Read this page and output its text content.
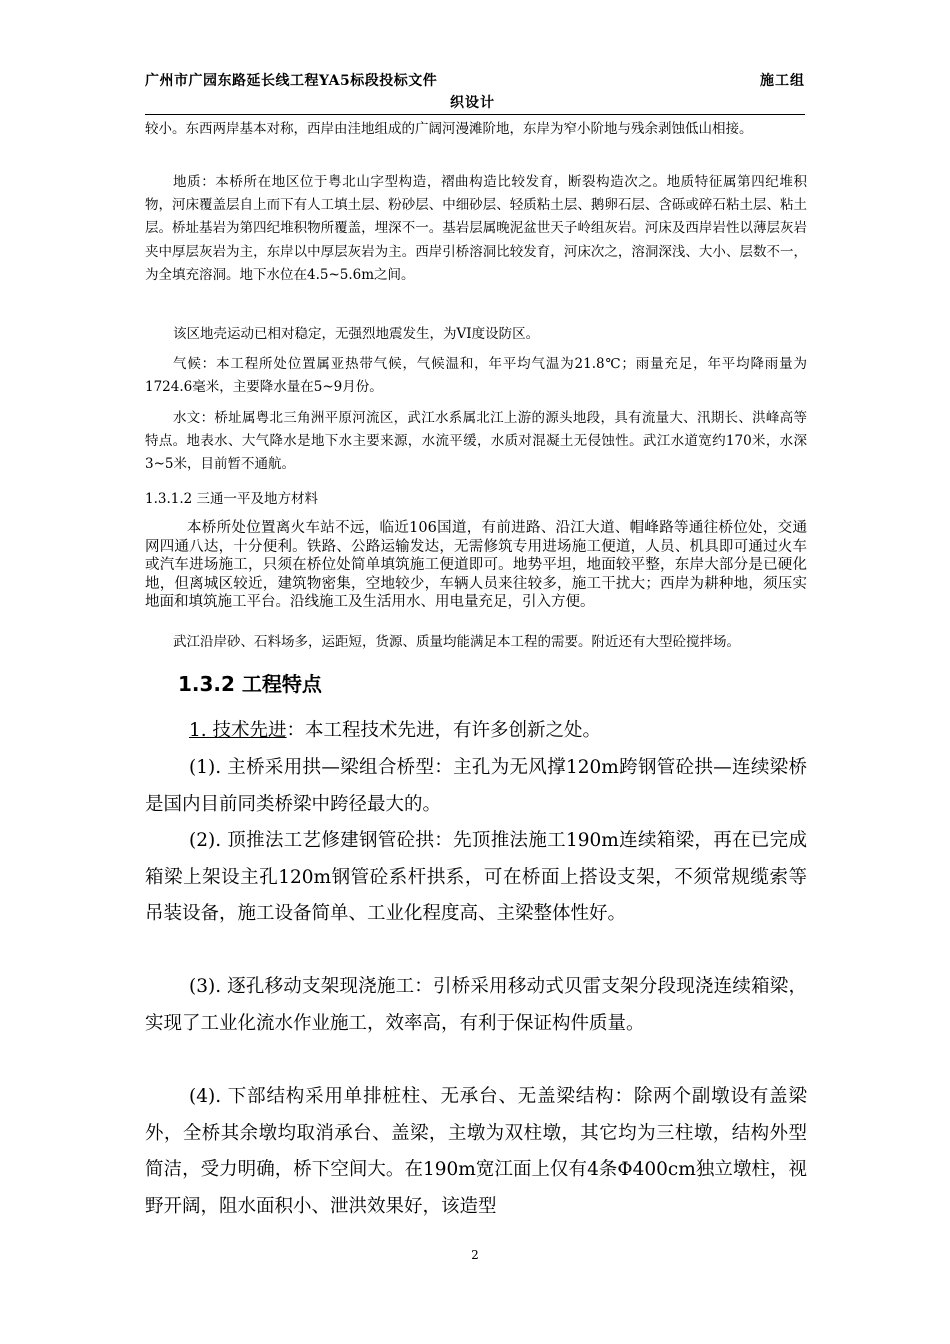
广州市广园东路延长线工程YA5标段投标文件	施工组
织设计

较小。东西两岸基本对称，西岸由洼地组成的广阔河漫滩阶地，东岸为窄小阶地与残余剥蚀低山相接。

地质：本桥所在地区位于粤北山字型构造，褶曲构造比较发育，断裂构造次之。地质特征属第四纪堆积物，河床覆盖层自上而下有人工填土层、粉砂层、中细砂层、轻质粘土层、鹅卵石层、含砾或碎石粘土层、粘土层。桥址基岩为第四纪堆积物所覆盖，埋深不一。基岩层属晚泥盆世天子岭组灰岩。河床及西岸岩性以薄层灰岩夹中厚层灰岩为主，东岸以中厚层灰岩为主。西岸引桥溶洞比较发育，河床次之，溶洞深浅、大小、层数不一，为全填充溶洞。地下水位在4.5~5.6m之间。

该区地壳运动已相对稳定，无强烈地震发生，为VI度设防区。

气候：本工程所处位置属亚热带气候，气候温和，年平均气温为21.8℃；雨量充足，年平均降雨量为1724.6毫米，主要降水量在5~9月份。

水文：桥址属粤北三角洲平原河流区，武江水系属北江上游的源头地段，具有流量大、汛期长、洪峰高等特点。地表水、大气降水是地下水主要来源，水流平缓，水质对混凝土无侵蚀性。武江水道宽约170米，水深3~5米，目前暂不通航。

1.3.1.2 三通一平及地方材料

本桥所处位置离火车站不远，临近106国道，有前进路、沿江大道、帽峰路等通往桥位处，交通网四通八达，十分便利。铁路、公路运输发达，无需修筑专用进场施工便道，人员、机具即可通过火车或汽车进场施工，只须在桥位处简单填筑施工便道即可。地势平坦，地面较平整，东岸大部分是已硬化地，但离城区较近，建筑物密集，空地较少，车辆人员来往较多，施工干扰大；西岸为耕种地，须压实地面和填筑施工平台。沿线施工及生活用水、用电量充足，引入方便。

武江沿岸砂、石料场多，运距短，货源、质量均能满足本工程的需要。附近还有大型砼搅拌场。

1.3.2 工程特点

1. 技术先进：本工程技术先进，有许多创新之处。

(1). 主桥采用拱—梁组合桥型：主孔为无风撑120m跨钢管砼拱—连续梁桥是国内目前同类桥梁中跨径最大的。

(2). 顶推法工艺修建钢管砼拱：先顶推法施工190m连续箱梁，再在已完成箱梁上架设主孔120m钢管砼系杆拱系，可在桥面上搭设支架，不须常规缆索等吊装设备，施工设备简单、工业化程度高、主梁整体性好。

(3). 逐孔移动支架现浇施工：引桥采用移动式贝雷支架分段现浇连续箱梁，实现了工业化流水作业施工，效率高，有利于保证构件质量。

(4). 下部结构采用单排桩柱、无承台、无盖梁结构：除两个副墩设有盖梁外，全桥其余墩均取消承台、盖梁，主墩为双柱墩，其它均为三柱墩，结构外型简洁，受力明确，桥下空间大。在190m宽江面上仅有4条Φ400cm独立墩柱，视野开阔，阻水面积小、泄洪效果好，该造型

2
